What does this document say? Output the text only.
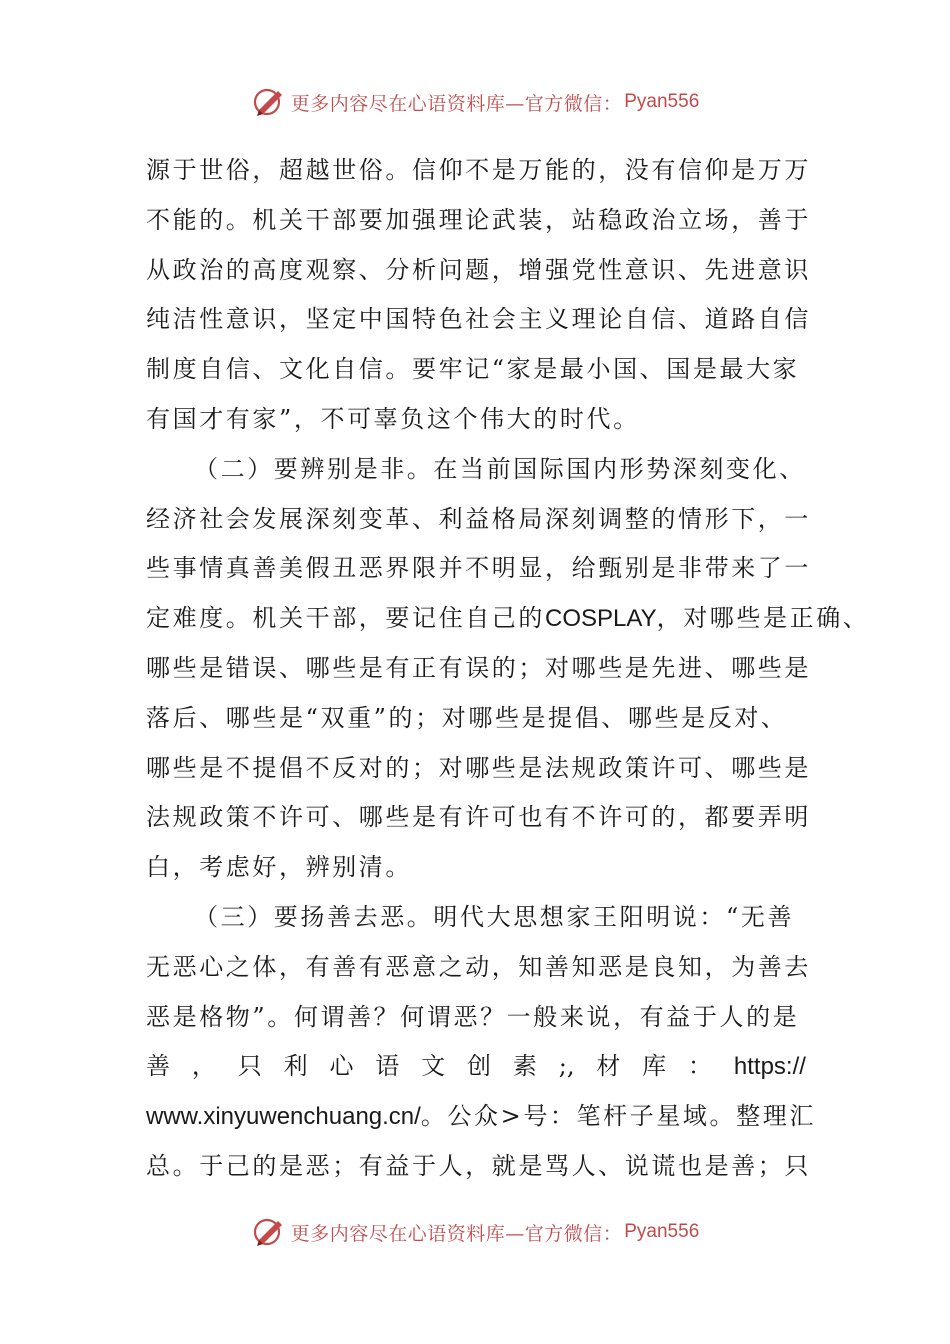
更多内容尽在心语资料库—官方微信： Pyan556
源于世俗，超越世俗。信仰不是万能的，没有信仰是万万
不能的。机关干部要加强理论武装，站稳政治立场，善于
从政治的高度观察、分析问题，增强党性意识、先进意识
纯洁性意识，坚定中国特色社会主义理论自信、道路自信
制度自信、文化自信。要牢记“家是最小国、国是最大家
有国才有家”，不可辜负这个伟大的时代。
（二）要辨别是非。在当前国际国内形势深刻变化、
经济社会发展深刻变革、利益格局深刻调整的情形下，一
些事情真善美假丑恶界限并不明显，给甄别是非带来了一
定难度。机关干部，要记住自己的COSPLAY，对哪些是正确、
哪些是错误、哪些是有正有误的；对哪些是先进、哪些是
落后、哪些是“双重”的；对哪些是提倡、哪些是反对、
哪些是不提倡不反对的；对哪些是法规政策许可、哪些是
法规政策不许可、哪些是有许可也有不许可的，都要弄明
白，考虑好，辨别清。
（三）要扬善去恶。明代大思想家王阳明说：“无善
无恶心之体，有善有恶意之动，知善知恶是良知，为善去
恶是格物”。何谓善？何谓恶？一般来说，有益于人的是
善 ， 只 利 心 语 文 创 素 ;, 材 库 ： https://
www.xinyuwenchuang.cn/。公众>号：笔杆子星域。整理汇
总。于己的是恶；有益于人，就是骂人、说谎也是善；只
更多内容尽在心语资料库—官方微信： Pyan556
